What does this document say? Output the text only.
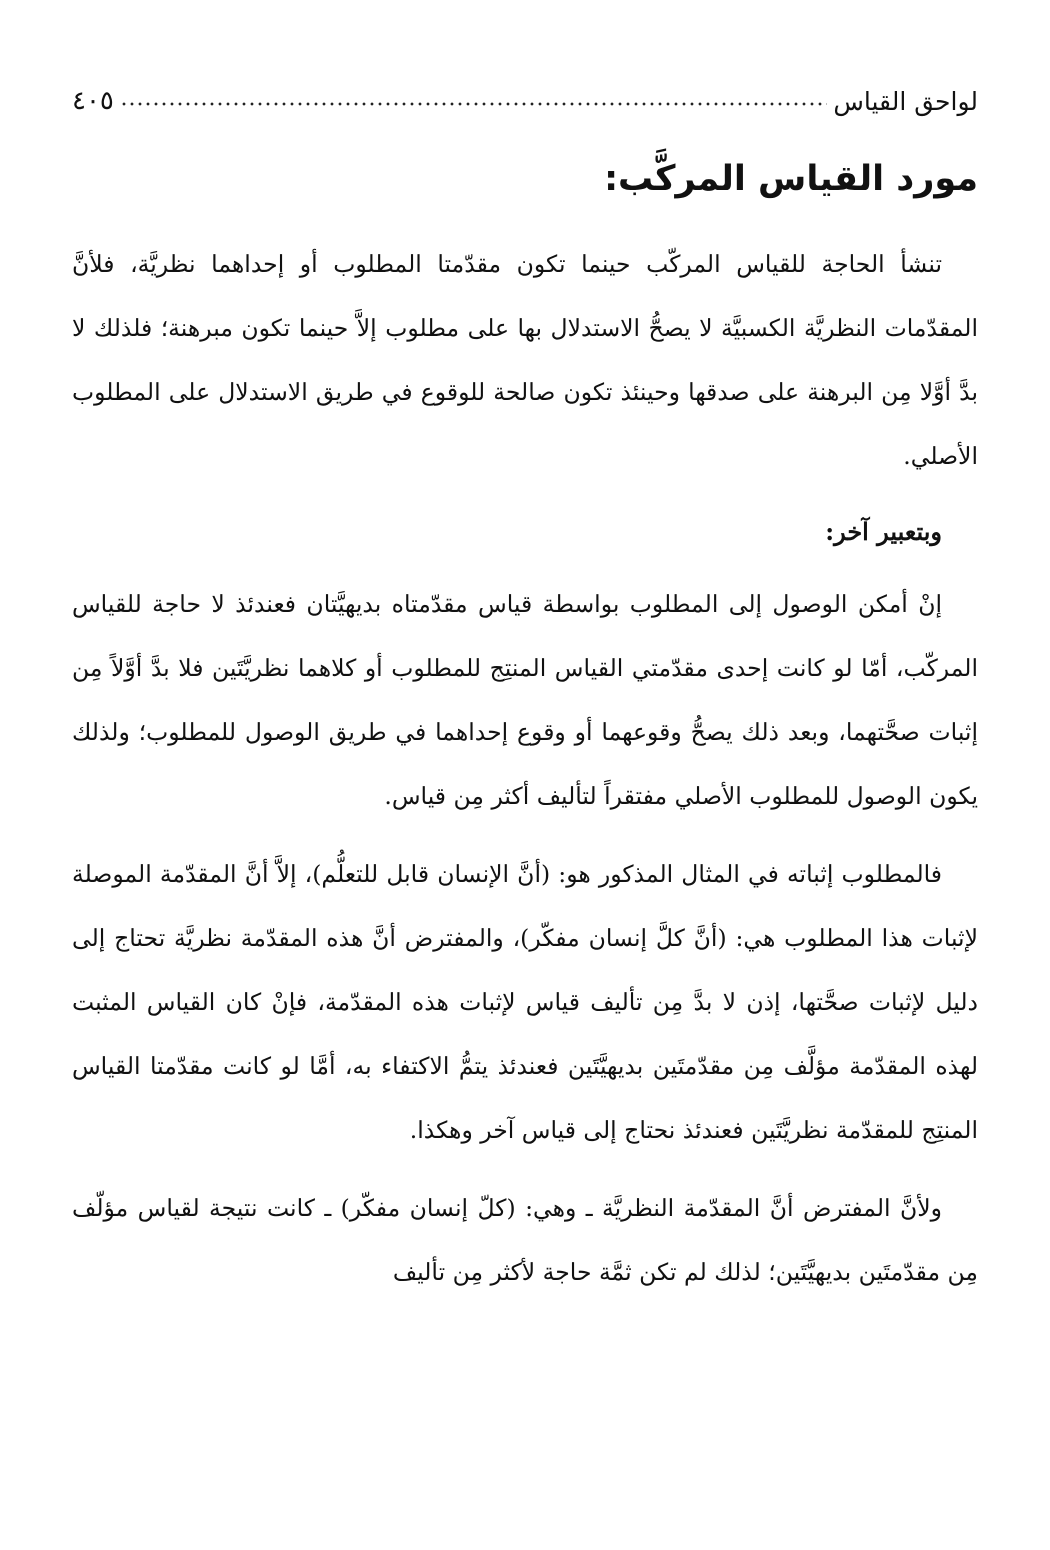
لواحق القياس
٤٠٥
مورد القياس المركَّب:

تنشأ الحاجة للقياس المركّب حينما تكون مقدّمتا المطلوب أو إحداهما نظريَّة، فلأنَّ المقدّمات النظريَّة الكسبيَّة لا يصحُّ الاستدلال بها على مطلوب إلاَّ حينما تكون مبرهنة؛ فلذلك لا بدَّ أوَّلا مِن البرهنة على صدقها وحينئذ تكون صالحة للوقوع في طريق الاستدلال على المطلوب الأصلي.

وبتعبير آخر:

إنْ أمكن الوصول إلى المطلوب بواسطة قياس مقدّمتاه بديهيَّتان فعندئذ لا حاجة للقياس المركّب، أمّا لو كانت إحدى مقدّمتي القياس المنتِج للمطلوب أو كلاهما نظريَّتَين فلا بدَّ أوَّلاً مِن إثبات صحَّتهما، وبعد ذلك يصحُّ وقوعهما أو وقوع إحداهما في طريق الوصول للمطلوب؛ ولذلك يكون الوصول للمطلوب الأصلي مفتقراً لتأليف أكثر مِن قياس.

فالمطلوب إثباته في المثال المذكور هو: (أنَّ الإنسان قابل للتعلُّم)، إلاَّ أنَّ المقدّمة الموصلة لإثبات هذا المطلوب هي: (أنَّ كلَّ إنسان مفكّر)، والمفترض أنَّ هذه المقدّمة نظريَّة تحتاج إلى دليل لإثبات صحَّتها، إذن لا بدَّ مِن تأليف قياس لإثبات هذه المقدّمة، فإنْ كان القياس المثبت لهذه المقدّمة مؤلَّف مِن مقدّمتَين بديهيَّتَين فعندئذ يتمُّ الاكتفاء به، أمَّا لو كانت مقدّمتا القياس المنتِج للمقدّمة نظريَّتَين فعندئذ نحتاج إلى قياس آخر وهكذا.

ولأنَّ المفترض أنَّ المقدّمة النظريَّة ـ وهي: (كلّ إنسان مفكّر) ـ كانت نتيجة لقياس مؤلّف مِن مقدّمتَين بديهيَّتَين؛ لذلك لم تكن ثمَّة حاجة لأكثر مِن تأليف
